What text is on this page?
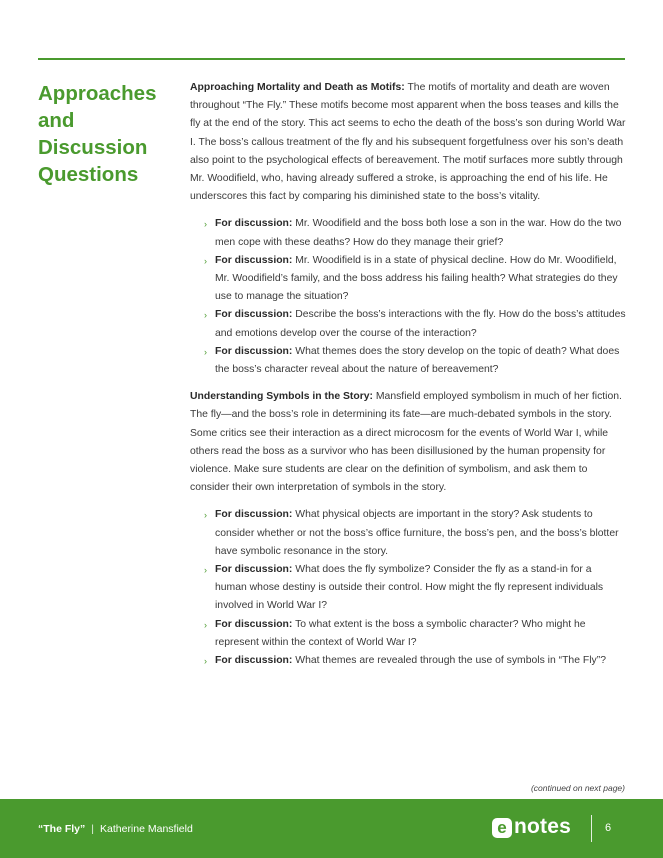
Approaches
and
Discussion
Questions

Approaching Mortality and Death as Motifs: The motifs of mortality and death are woven throughout “The Fly.” These motifs become most apparent when the boss teases and kills the fly at the end of the story. This act seems to echo the death of the boss’s son during World War I. The boss’s callous treatment of the fly and his subsequent forgetfulness over his son’s death also point to the psychological effects of bereavement. The motif surfaces more subtly through Mr. Woodifield, who, having already suffered a stroke, is approaching the end of his life. He underscores this fact by comparing his diminished state to the boss’s vitality.

› For discussion: Mr. Woodifield and the boss both lose a son in the war. How do the two men cope with these deaths? How do they manage their grief?
› For discussion: Mr. Woodifield is in a state of physical decline. How do Mr. Woodifield, Mr. Woodifield’s family, and the boss address his failing health? What strategies do they use to manage the situation?
› For discussion: Describe the boss’s interactions with the fly. How do the boss’s attitudes and emotions develop over the course of the interaction?
› For discussion: What themes does the story develop on the topic of death? What does the boss’s character reveal about the nature of bereavement?

Understanding Symbols in the Story: Mansfield employed symbolism in much of her fiction. The fly—and the boss’s role in determining its fate—are much-debated symbols in the story. Some critics see their interaction as a direct microcosm for the events of World War I, while others read the boss as a survivor who has been disillusioned by the human propensity for violence. Make sure students are clear on the definition of symbolism, and ask them to consider their own interpretation of symbols in the story.

› For discussion: What physical objects are important in the story? Ask students to consider whether or not the boss’s office furniture, the boss’s pen, and the boss’s blotter have symbolic resonance in the story.
› For discussion: What does the fly symbolize? Consider the fly as a stand-in for a human whose destiny is outside their control. How might the fly represent individuals involved in World War I?
› For discussion: To what extent is the boss a symbolic character? Who might he represent within the context of World War I?
› For discussion: What themes are revealed through the use of symbols in “The Fly”?
(continued on next page)
“The Fly” | Katherine Mansfield	e notes	6
